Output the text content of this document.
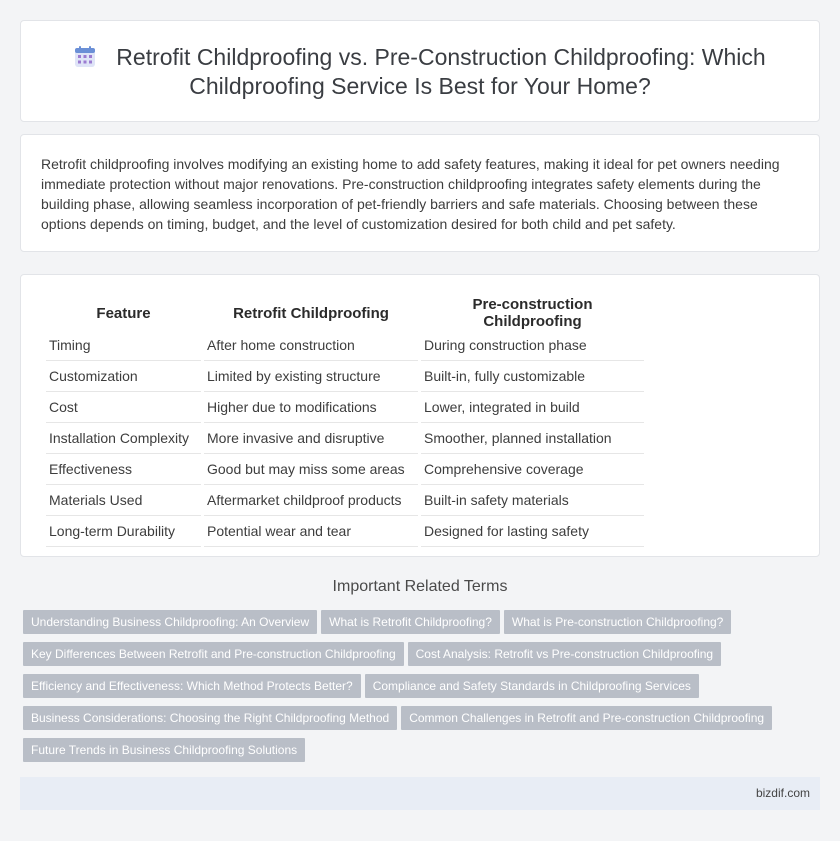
Retrofit Childproofing vs. Pre-Construction Childproofing: Which
Childproofing Service Is Best for Your Home?

Retrofit childproofing involves modifying an existing home to add safety features, making it ideal for pet owners needing immediate protection without major renovations. Pre-construction childproofing integrates safety elements during the building phase, allowing seamless incorporation of pet-friendly barriers and safe materials. Choosing between these options depends on timing, budget, and the level of customization desired for both child and pet safety.

Feature	Retrofit Childproofing	Pre-construction Childproofing
Timing	After home construction	During construction phase
Customization	Limited by existing structure	Built-in, fully customizable
Cost	Higher due to modifications	Lower, integrated in build
Installation Complexity	More invasive and disruptive	Smoother, planned installation
Effectiveness	Good but may miss some areas	Comprehensive coverage
Materials Used	Aftermarket childproof products	Built-in safety materials
Long-term Durability	Potential wear and tear	Designed for lasting safety
Important Related Terms
Understanding Business Childproofing: An Overview What is Retrofit Childproofing? What is Pre-construction Childproofing?
Key Differences Between Retrofit and Pre-construction Childproofing Cost Analysis: Retrofit vs Pre-construction Childproofing
Efficiency and Effectiveness: Which Method Protects Better? Compliance and Safety Standards in Childproofing Services
Business Considerations: Choosing the Right Childproofing Method Common Challenges in Retrofit and Pre-construction Childproofing
Future Trends in Business Childproofing Solutions
bizdif.com
